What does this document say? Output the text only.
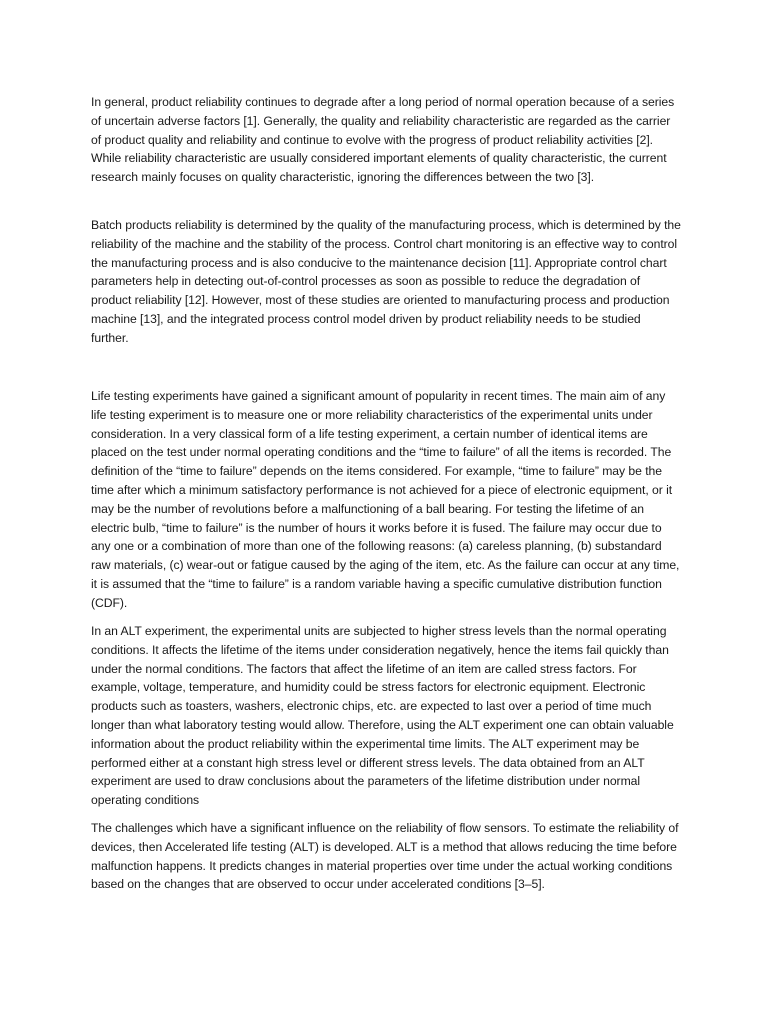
In general, product reliability continues to degrade after a long period of normal operation because of a series of uncertain adverse factors [1]. Generally, the quality and reliability characteristic are regarded as the carrier of product quality and reliability and continue to evolve with the progress of product reliability activities [2]. While reliability characteristic are usually considered important elements of quality characteristic, the current research mainly focuses on quality characteristic, ignoring the differences between the two [3].

Batch products reliability is determined by the quality of the manufacturing process, which is determined by the reliability of the machine and the stability of the process. Control chart monitoring is an effective way to control the manufacturing process and is also conducive to the maintenance decision [11]. Appropriate control chart parameters help in detecting out-of-control processes as soon as possible to reduce the degradation of product reliability [12]. However, most of these studies are oriented to manufacturing process and production machine [13], and the integrated process control model driven by product reliability needs to be studied further.

Life testing experiments have gained a significant amount of popularity in recent times. The main aim of any life testing experiment is to measure one or more reliability characteristics of the experimental units under consideration. In a very classical form of a life testing experiment, a certain number of identical items are placed on the test under normal operating conditions and the “time to failure” of all the items is recorded. The definition of the “time to failure” depends on the items considered. For example, “time to failure” may be the time after which a minimum satisfactory performance is not achieved for a piece of electronic equipment, or it may be the number of revolutions before a malfunctioning of a ball bearing. For testing the lifetime of an electric bulb, “time to failure” is the number of hours it works before it is fused. The failure may occur due to any one or a combination of more than one of the following reasons: (a) careless planning, (b) substandard raw materials, (c) wear-out or fatigue caused by the aging of the item, etc. As the failure can occur at any time, it is assumed that the “time to failure” is a random variable having a specific cumulative distribution function (CDF).

In an ALT experiment, the experimental units are subjected to higher stress levels than the normal operating conditions. It affects the lifetime of the items under consideration negatively, hence the items fail quickly than under the normal conditions. The factors that affect the lifetime of an item are called stress factors. For example, voltage, temperature, and humidity could be stress factors for electronic equipment. Electronic products such as toasters, washers, electronic chips, etc. are expected to last over a period of time much longer than what laboratory testing would allow. Therefore, using the ALT experiment one can obtain valuable information about the product reliability within the experimental time limits. The ALT experiment may be performed either at a constant high stress level or different stress levels. The data obtained from an ALT experiment are used to draw conclusions about the parameters of the lifetime distribution under normal operating conditions

The challenges which have a significant influence on the reliability of flow sensors. To estimate the reliability of devices, then Accelerated life testing (ALT) is developed. ALT is a method that allows reducing the time before malfunction happens. It predicts changes in material properties over time under the actual working conditions based on the changes that are observed to occur under accelerated conditions [3–5].
